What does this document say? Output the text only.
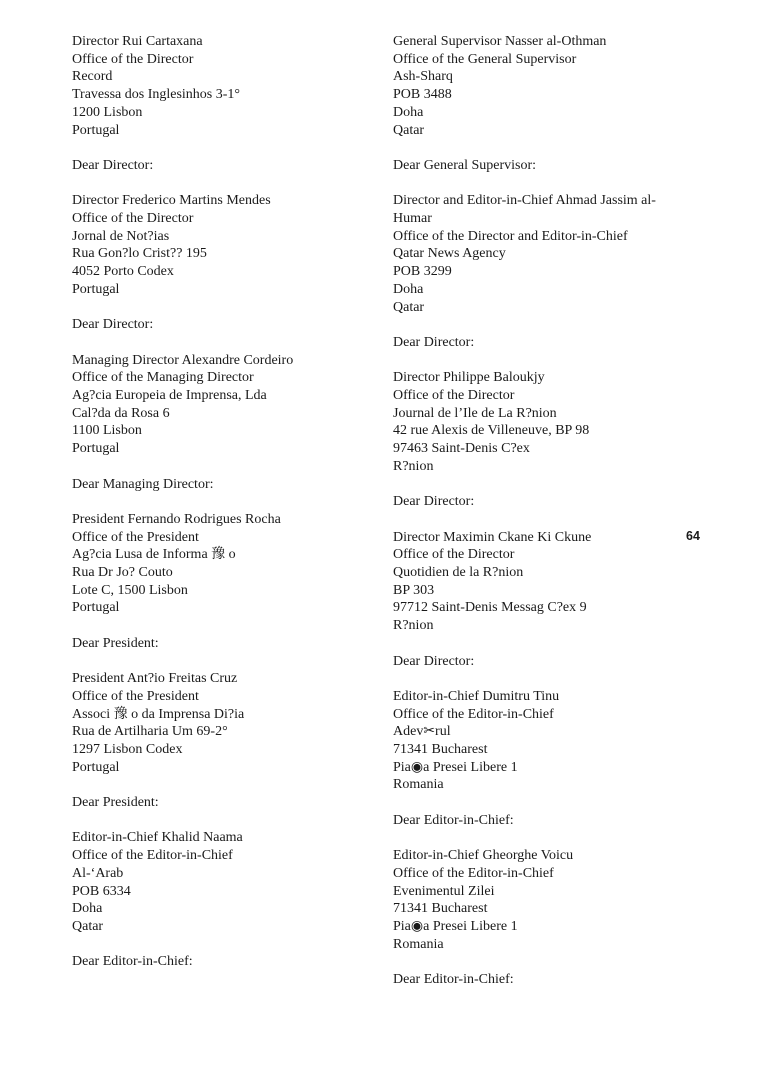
Director Rui Cartaxana
Office of the Director
Record
Travessa dos Inglesinhos 3-1°
1200 Lisbon
Portugal
Dear Director:
Director Frederico Martins Mendes
Office of the Director
Jornal de Not?ias
Rua Gon?lo Crist?? 195
4052 Porto Codex
Portugal
Dear Director:
Managing Director Alexandre Cordeiro
Office of the Managing Director
Ag?cia Europeia de Imprensa, Lda
Cal?da da Rosa 6
1100 Lisbon
Portugal
Dear Managing Director:
President Fernando Rodrigues Rocha
Office of the President
Ag?cia Lusa de Informa 豫 o
Rua Dr Jo? Couto
Lote C, 1500 Lisbon
Portugal
Dear President:
President Ant?io Freitas Cruz
Office of the President
Associ 豫 o da Imprensa Di?ia
Rua de Artilharia Um 69-2°
1297 Lisbon Codex
Portugal
Dear President:
Editor-in-Chief Khalid Naama
Office of the Editor-in-Chief
Al-‘Arab
POB 6334
Doha
Qatar
Dear Editor-in-Chief:
General Supervisor Nasser al-Othman
Office of the General Supervisor
Ash-Sharq
POB 3488
Doha
Qatar
Dear General Supervisor:
Director and Editor-in-Chief Ahmad Jassim al-
Humar
Office of the Director and Editor-in-Chief
Qatar News Agency
POB 3299
Doha
Qatar
Dear Director:
Director Philippe Baloukjy
Office of the Director
Journal de l’Ile de La R?nion
42 rue Alexis de Villeneuve, BP 98
97463 Saint-Denis C?ex
R?nion
Dear Director:
Director Maximin Ckane Ki Ckune
Office of the Director
Quotidien de la R?nion
BP 303
97712 Saint-Denis Messag C?ex 9
R?nion
Dear Director:
Editor-in-Chief Dumitru Tinu
Office of the Editor-in-Chief
Adev✂rul
71341 Bucharest
Pia◉a Presei Libere 1
Romania
Dear Editor-in-Chief:
Editor-in-Chief Gheorghe Voicu
Office of the Editor-in-Chief
Evenimentul Zilei
71341 Bucharest
Pia◉a Presei Libere 1
Romania
Dear Editor-in-Chief:
64
